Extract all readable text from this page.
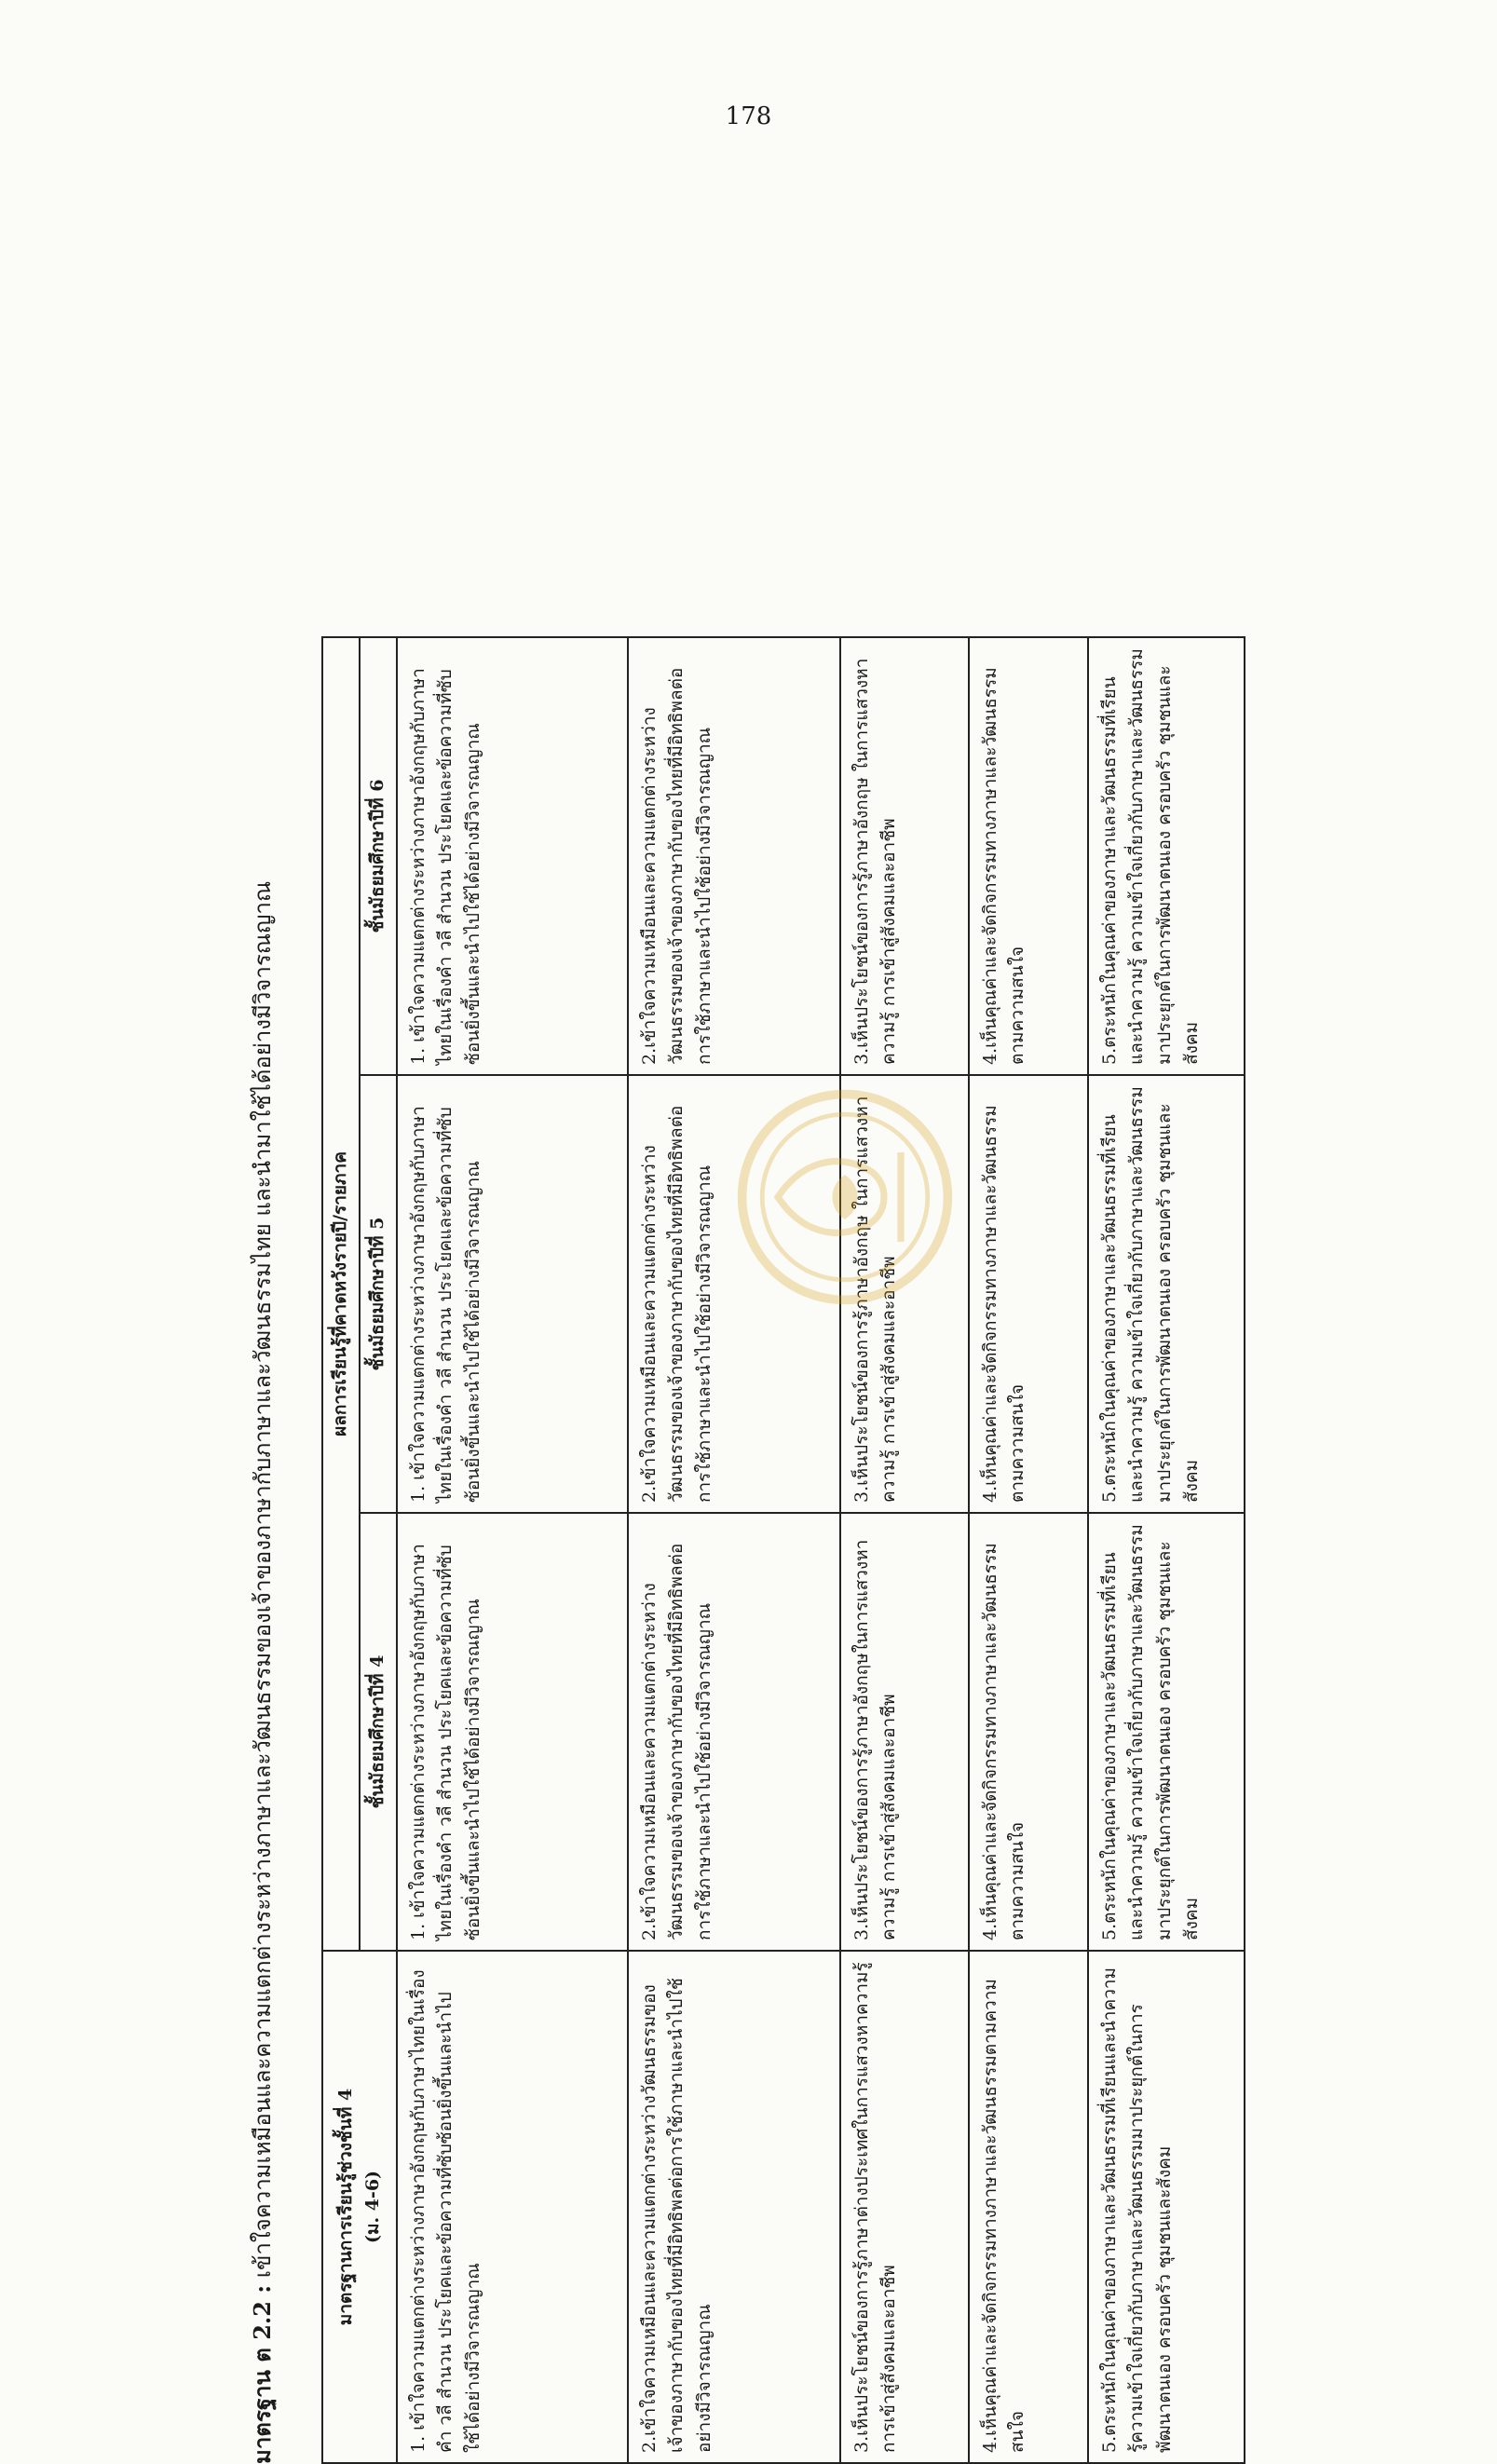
178
มาตรฐาน ต 2.2 : เข้าใจความเหมือนและความแตกต่างระหว่างภาษาและวัฒนธรรมของเจ้าของภาษากับภาษาและวัฒนธรรมไทย และนำมาใช้ได้อย่างมีวิจารณญาณ	มาตรฐานการเรียนรู้ช่วงชั้นที่ 4 (ม. 4-6)	ผลการเรียนรู้ที่คาดหวังรายปี/รายภาค		
	ชั้นมัธยมศึกษาปีที่ 4	ชั้นมัธยมศึกษาปีที่ 5	ชั้นมัธยมศึกษาปีที่ 6
1. เข้าใจความแตกต่างระหว่างภาษาอังกฤษกับภาษาไทยในเรื่องคำ วลี สำนวน ประโยคและข้อความที่ซับซ้อนยิ่งขึ้นและนำไปใช้ได้อย่างมีวิจารณญาณ	1. เข้าใจความแตกต่างระหว่างภาษาอังกฤษกับภาษาไทยในเรื่องคำ วลี สำนวน ประโยคและข้อความที่ซับซ้อนยิ่งขึ้นและนำไปใช้ได้อย่างมีวิจารณญาณ	1. เข้าใจความแตกต่างระหว่างภาษาอังกฤษกับภาษาไทยในเรื่องคำ วลี สำนวน ประโยคและข้อความที่ซับซ้อนยิ่งขึ้นและนำไปใช้ได้อย่างมีวิจารณญาณ	1. เข้าใจความแตกต่างระหว่างภาษาอังกฤษกับภาษาไทยในเรื่องคำ วลี สำนวน ประโยคและข้อความที่ซับซ้อนยิ่งขึ้นและนำไปใช้ได้อย่างมีวิจารณญาณ
2.เข้าใจความเหมือนและความแตกต่างระหว่างวัฒนธรรมของเจ้าของภาษากับของไทยที่มีอิทธิพลต่อการใช้ภาษาและนำไปใช้อย่างมีวิจารณญาณ	2.เข้าใจความเหมือนและความแตกต่างระหว่างวัฒนธรรมของเจ้าของภาษากับของไทยที่มีอิทธิพลต่อการใช้ภาษาและนำไปใช้อย่างมีวิจารณญาณ	2.เข้าใจความเหมือนและความแตกต่างระหว่างวัฒนธรรมของเจ้าของภาษากับของไทยที่มีอิทธิพลต่อการใช้ภาษาและนำไปใช้อย่างมีวิจารณญาณ	2.เข้าใจความเหมือนและความแตกต่างระหว่างวัฒนธรรมของเจ้าของภาษากับของไทยที่มีอิทธิพลต่อการใช้ภาษาและนำไปใช้อย่างมีวิจารณญาณ
3.เห็นประโยชน์ของการรู้ภาษาต่างประเทศในการแสวงหาความรู้ การเข้าสู่สังคมและอาชีพ	3.เห็นประโยชน์ของการรู้ภาษาอังกฤษในการแสวงหาความรู้ การเข้าสู่สังคมและอาชีพ	3.เห็นประโยชน์ของการรู้ภาษาอังกฤษ ในการแสวงหาความรู้ การเข้าสู่สังคมและอาชีพ	3.เห็นประโยชน์ของการรู้ภาษาอังกฤษ ในการแสวงหาความรู้ การเข้าสู่สังคมและอาชีพ
4.เห็นคุณค่าและจัดกิจกรรมทางภาษาและวัฒนธรรมตามความสนใจ	4.เห็นคุณค่าและจัดกิจกรรมทางภาษาและวัฒนธรรมตามความสนใจ	4.เห็นคุณค่าและจัดกิจกรรมทางภาษาและวัฒนธรรมตามความสนใจ	4.เห็นคุณค่าและจัดกิจกรรมทางภาษาและวัฒนธรรมตามความสนใจ
5.ตระหนักในคุณค่าของภาษาและวัฒนธรรมที่เรียนและนำความรู้ความเข้าใจเกี่ยวกับภาษาและวัฒนธรรมมาประยุกต์ในการพัฒนาตนเอง ครอบครัว ชุมชนและสังคม	5.ตระหนักในคุณค่าของภาษาและวัฒนธรรมที่เรียน และนำความรู้ ความเข้าใจเกี่ยวกับภาษาและวัฒนธรรมมาประยุกต์ในการพัฒนาตนเอง ครอบครัว ชุมชนและสังคม	5.ตระหนักในคุณค่าของภาษาและวัฒนธรรมที่เรียน และนำความรู้ ความเข้าใจเกี่ยวกับภาษาและวัฒนธรรมมาประยุกต์ในการพัฒนาตนเอง ครอบครัว ชุมชนและสังคม	5.ตระหนักในคุณค่าของภาษาและวัฒนธรรมที่เรียน และนำความรู้ ความเข้าใจเกี่ยวกับภาษาและวัฒนธรรมมาประยุกต์ในการพัฒนาตนเอง ครอบครัว ชุมชนและสังคม
